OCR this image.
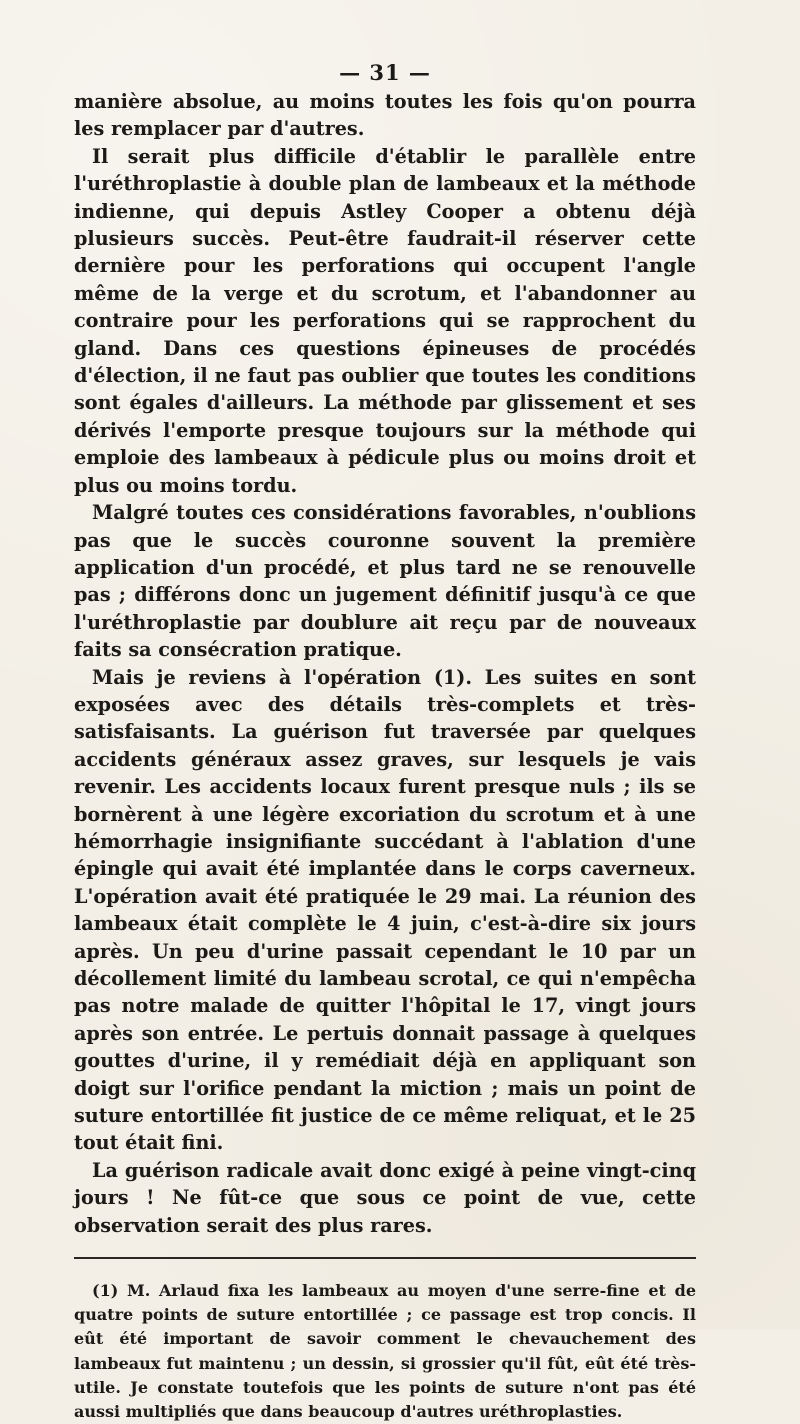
— 31 —

manière absolue, au moins toutes les fois qu'on pourra les remplacer par d'autres.

Il serait plus difficile d'établir le parallèle entre l'uréthroplastie à double plan de lambeaux et la méthode indienne, qui depuis Astley Cooper a obtenu déjà plusieurs succès. Peut-être faudrait-il réserver cette dernière pour les perforations qui occupent l'angle même de la verge et du scrotum, et l'abandonner au contraire pour les perforations qui se rapprochent du gland. Dans ces questions épineuses de procédés d'élection, il ne faut pas oublier que toutes les conditions sont égales d'ailleurs. La méthode par glissement et ses dérivés l'emporte presque toujours sur la méthode qui emploie des lambeaux à pédicule plus ou moins droit et plus ou moins tordu.

Malgré toutes ces considérations favorables, n'oublions pas que le succès couronne souvent la première application d'un procédé, et plus tard ne se renouvelle pas ; différons donc un jugement définitif jusqu'à ce que l'uréthroplastie par doublure ait reçu par de nouveaux faits sa consécration pratique.

Mais je reviens à l'opération (1). Les suites en sont exposées avec des détails très-complets et très-satisfaisants. La guérison fut traversée par quelques accidents généraux assez graves, sur lesquels je vais revenir. Les accidents locaux furent presque nuls ; ils se bornèrent à une légère excoriation du scrotum et à une hémorrhagie insignifiante succédant à l'ablation d'une épingle qui avait été implantée dans le corps caverneux. L'opération avait été pratiquée le 29 mai. La réunion des lambeaux était complète le 4 juin, c'est-à-dire six jours après. Un peu d'urine passait cependant le 10 par un décollement limité du lambeau scrotal, ce qui n'empêcha pas notre malade de quitter l'hôpital le 17, vingt jours après son entrée. Le pertuis donnait passage à quelques gouttes d'urine, il y remédiait déjà en appliquant son doigt sur l'orifice pendant la miction ; mais un point de suture entortillée fit justice de ce même reliquat, et le 25 tout était fini.

La guérison radicale avait donc exigé à peine vingt-cinq jours ! Ne fût-ce que sous ce point de vue, cette observation serait des plus rares.

(1) M. Arlaud fixa les lambeaux au moyen d'une serre-fine et de quatre points de suture entortillée ; ce passage est trop concis. Il eût été important de savoir comment le chevauchement des lambeaux fut maintenu ; un dessin, si grossier qu'il fût, eût été très-utile. Je constate toutefois que les points de suture n'ont pas été aussi multipliés que dans beaucoup d'autres uréthroplasties.
